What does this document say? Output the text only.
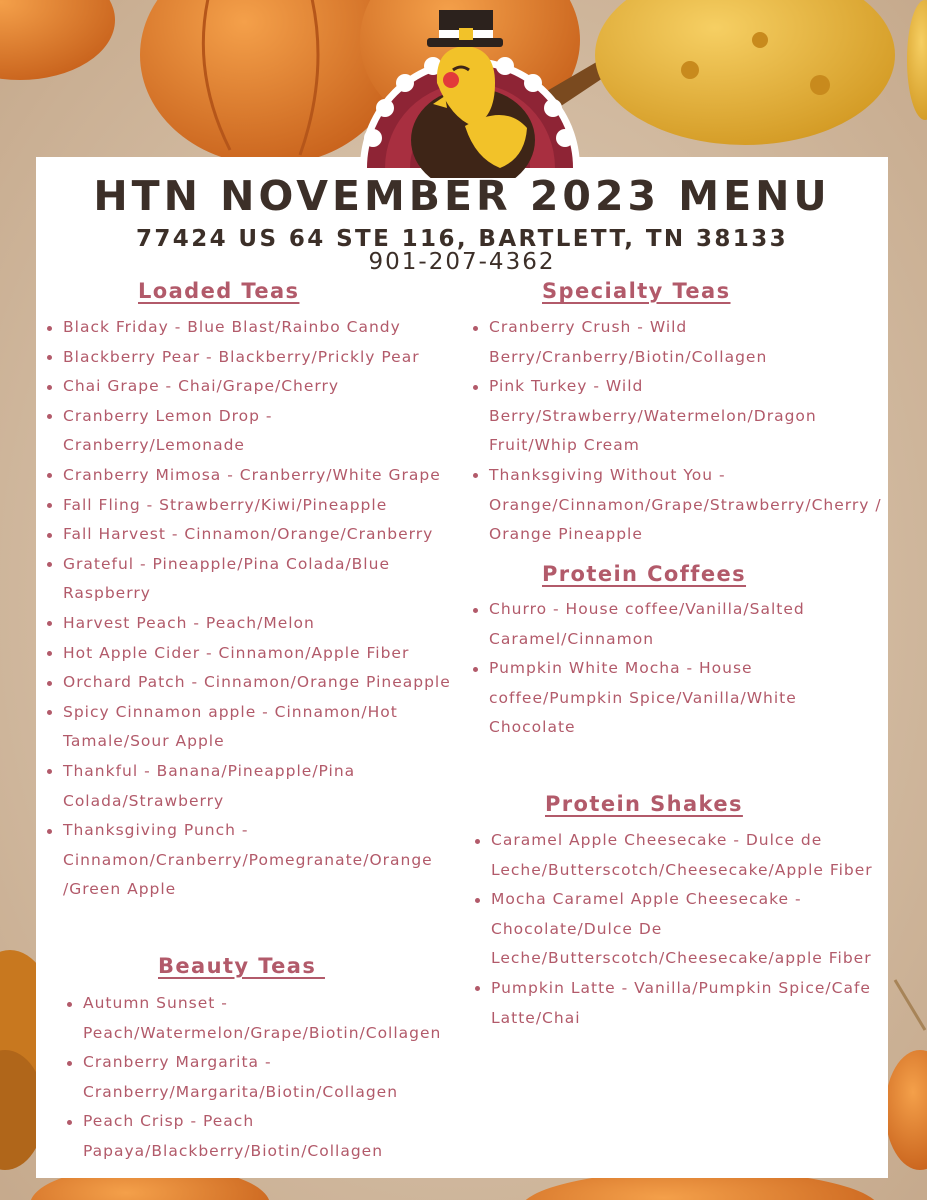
HTN NOVEMBER 2023 MENU
77424 US 64 STE 116, BARTLETT, TN 38133
901-207-4362
Loaded Teas
Black Friday - Blue Blast/Rainbo Candy
Blackberry Pear - Blackberry/Prickly Pear
Chai Grape - Chai/Grape/Cherry
Cranberry Lemon Drop - Cranberry/Lemonade
Cranberry Mimosa - Cranberry/White Grape
Fall Fling - Strawberry/Kiwi/Pineapple
Fall Harvest - Cinnamon/Orange/Cranberry
Grateful - Pineapple/Pina Colada/Blue Raspberry
Harvest Peach - Peach/Melon
Hot Apple Cider - Cinnamon/Apple Fiber
Orchard Patch - Cinnamon/Orange Pineapple
Spicy Cinnamon apple - Cinnamon/Hot Tamale/Sour Apple
Thankful - Banana/Pineapple/Pina Colada/Strawberry
Thanksgiving Punch - Cinnamon/Cranberry/Pomegranate/Orange /Green Apple
Beauty Teas
Autumn Sunset - Peach/Watermelon/Grape/Biotin/Collagen
Cranberry Margarita - Cranberry/Margarita/Biotin/Collagen
Peach Crisp - Peach Papaya/Blackberry/Biotin/Collagen
Specialty Teas
Cranberry Crush - Wild Berry/Cranberry/Biotin/Collagen
Pink Turkey - Wild Berry/Strawberry/Watermelon/Dragon Fruit/Whip Cream
Thanksgiving Without You - Orange/Cinnamon/Grape/Strawberry/Cherry / Orange Pineapple
Protein Coffees
Churro - House coffee/Vanilla/Salted Caramel/Cinnamon
Pumpkin White Mocha - House coffee/Pumpkin Spice/Vanilla/White Chocolate
Protein Shakes
Caramel Apple Cheesecake - Dulce de Leche/Butterscotch/Cheesecake/Apple Fiber
Mocha Caramel Apple Cheesecake - Chocolate/Dulce De Leche/Butterscotch/Cheesecake/apple Fiber
Pumpkin Latte - Vanilla/Pumpkin Spice/Cafe Latte/Chai
